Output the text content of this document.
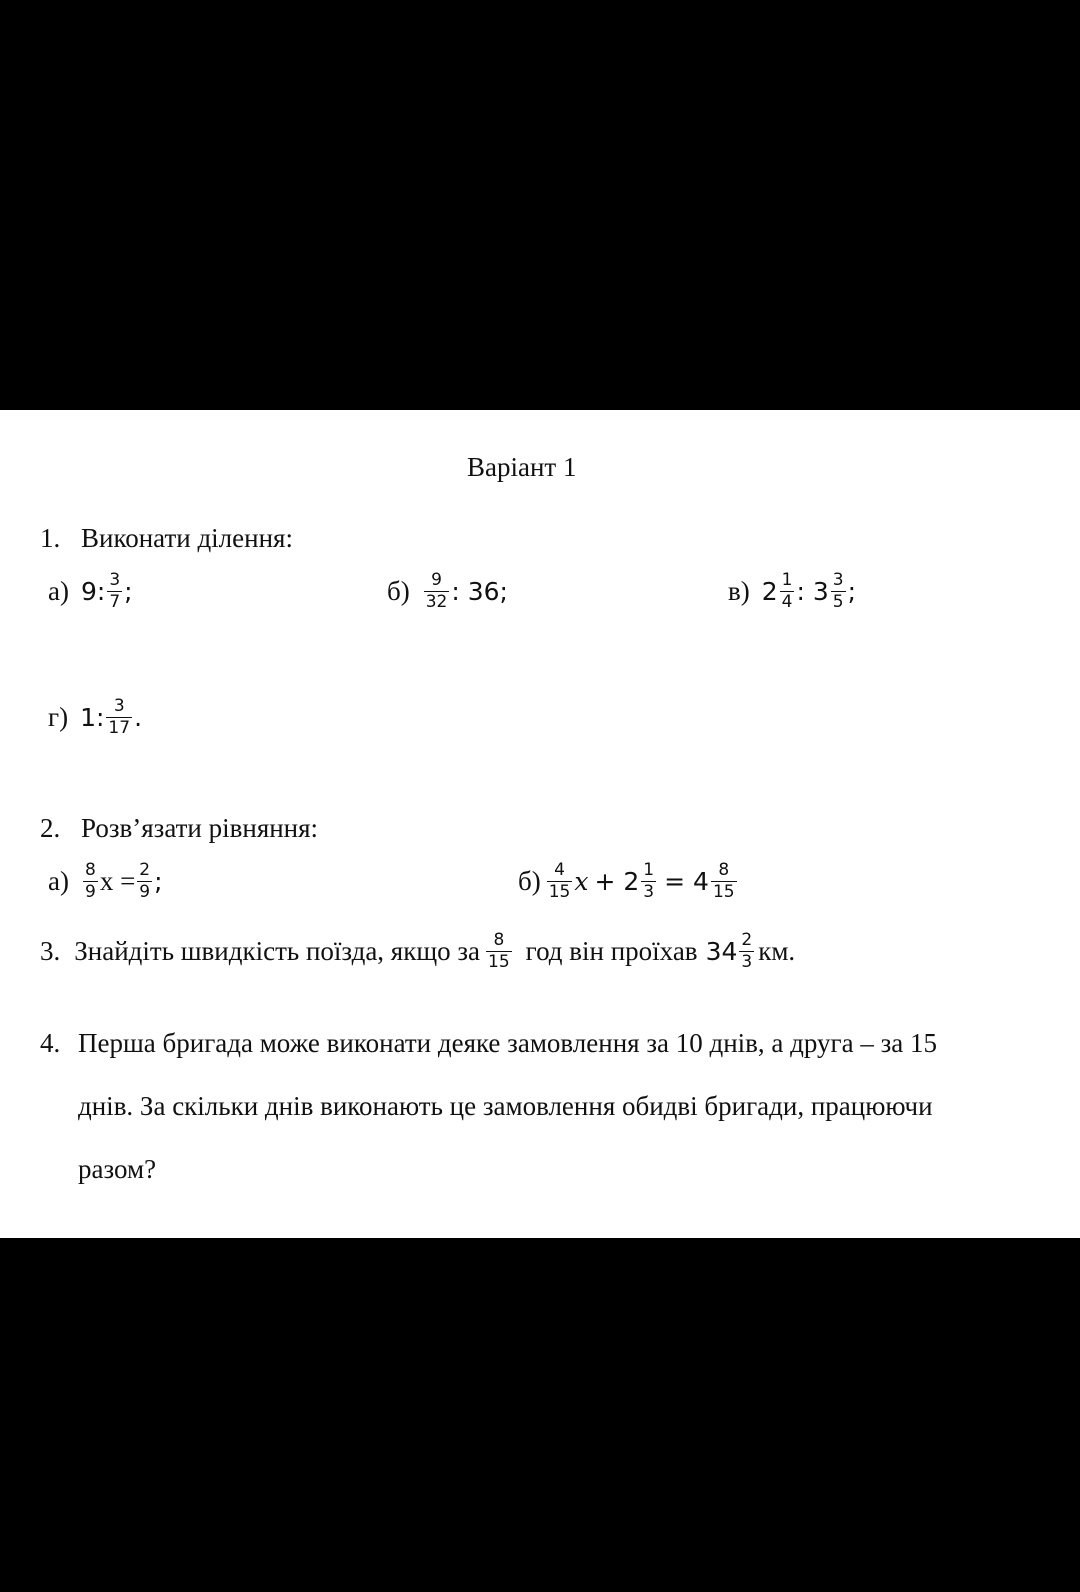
Варіант 1
1. Виконати ділення:
а) 9: $\frac{3}{7}$ ;	$б) \frac{9}{32}$ : 36;	в) $2 \frac{1}{4}$ : $3 \frac{3}{5}$ ;
г) 1: $\frac{3}{17}$ .
2. Розв’язати рівняння:
$а) \frac{8}{9}$ $x = \frac{2}{9}$ ;	$б) \frac{4}{15}$ $x + 2 \frac{1}{3} = 4 \frac{8}{15}$
3. Знайдіть швидкість поїзда, якщо за $\frac{8}{15}$ год він проїхав $34 \frac{2}{3}$ км.
4. Перша бригада може виконати деяке замовлення за 10 днів, а друга – за 15
днів. За скільки днів виконають це замовлення обидві бригади, працюючи
разом?
